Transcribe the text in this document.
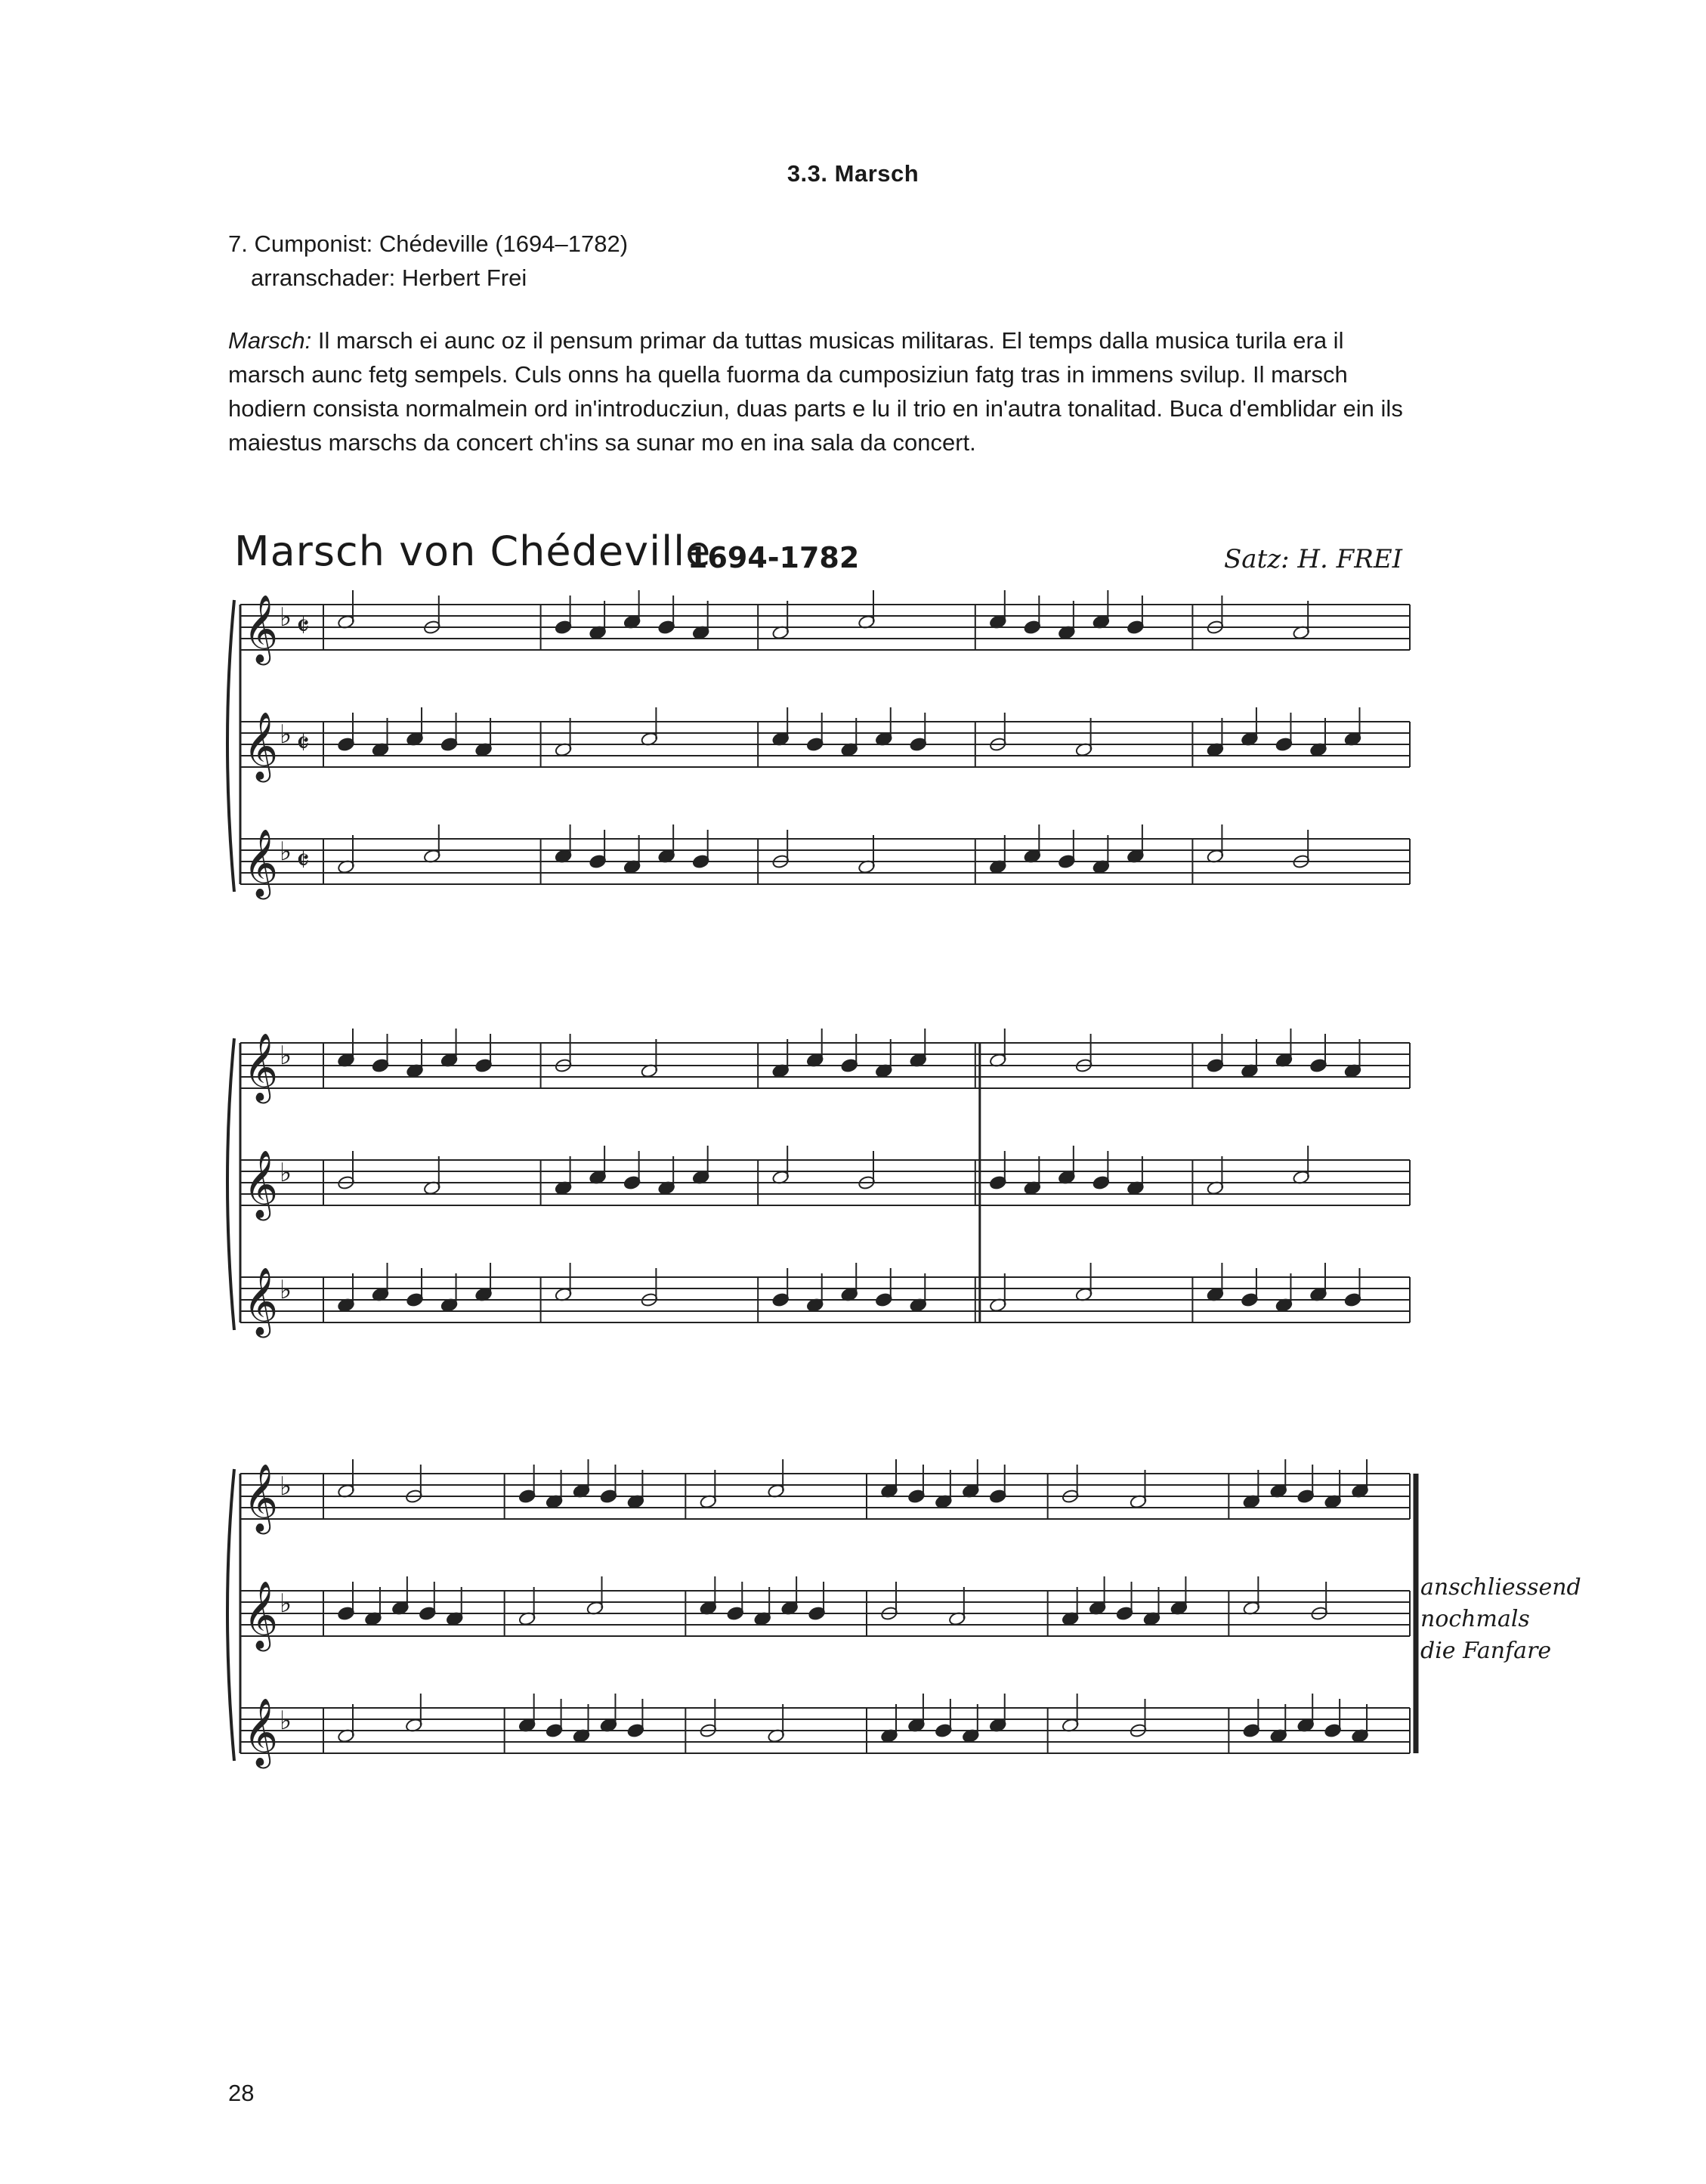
3.3. Marsch
7. Cumponist: Chédeville (1694–1782)
arranschader: Herbert Frei
Marsch: Il marsch ei aunc oz il pensum primar da tuttas musicas militaras. El temps dalla musica turila era il marsch aunc fetg sempels. Culs onns ha quella fuorma da cumposiziun fatg tras in immens svilup. Il marsch hodiern consista normalmein ord in'introducziun, duas parts e lu il trio en in'autra tonalitad. Buca d'emblidar ein ils maiestus marschs da concert ch'ins sa sunar mo en ina sala da concert.
Marsch von Chédeville
1694-1782	Satz: H. FREI
𝄞 ♭ 𝄵
𝄞 ♭ 𝄵
𝄞 ♭ 𝄵
𝄞 ♭
𝄞 ♭
𝄞 ♭
𝄞 ♭
𝄞 ♭
𝄞 ♭
anschliessend nochmals die Fanfare
28
